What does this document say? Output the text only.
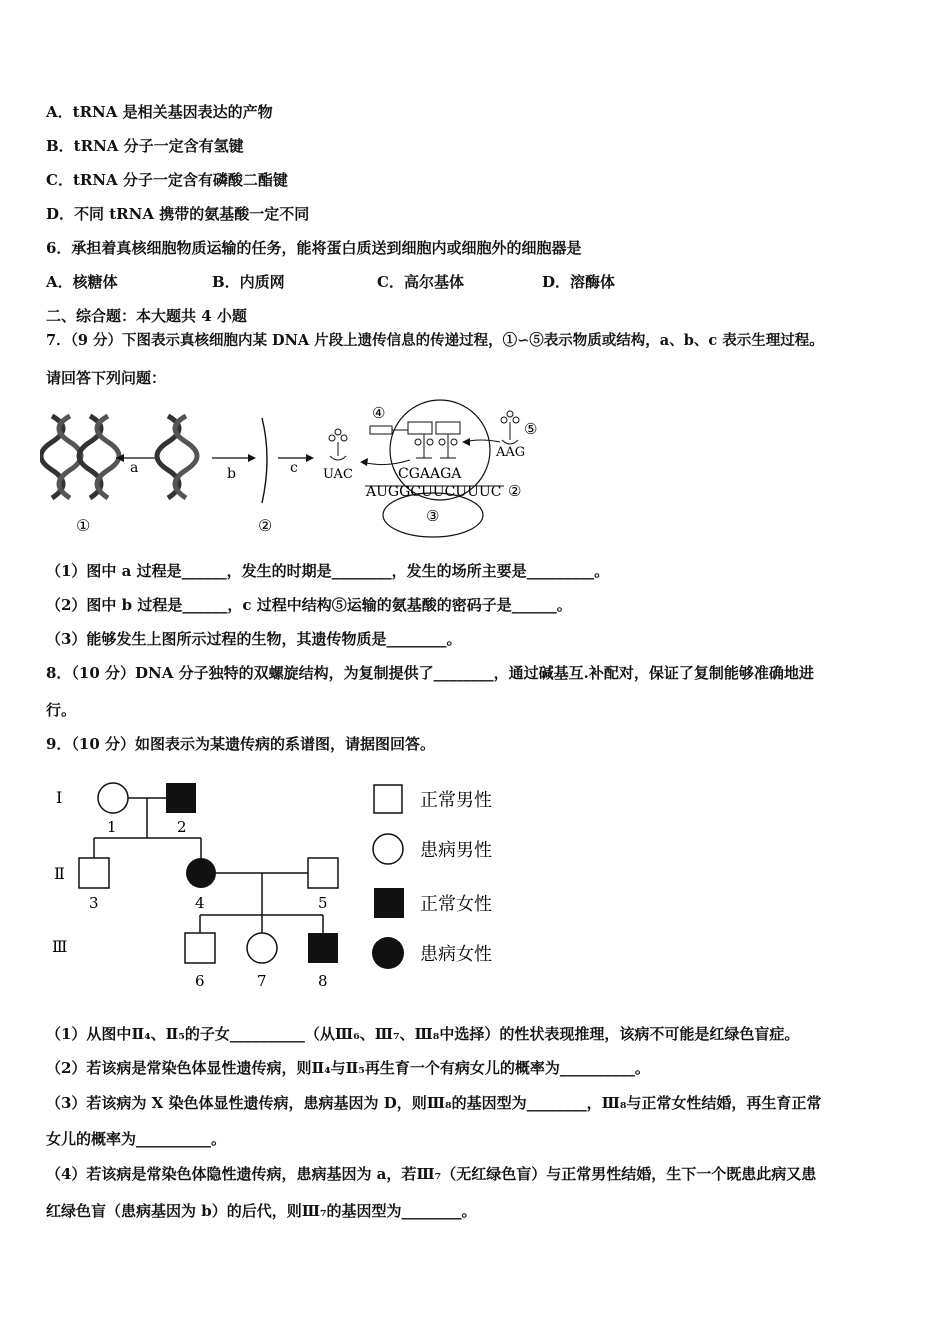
A．tRNA 是相关基因表达的产物
B．tRNA 分子一定含有氢键
C．tRNA 分子一定含有磷酸二酯键
D．不同 tRNA 携带的氨基酸一定不同
6．承担着真核细胞物质运输的任务，能将蛋白质送到细胞内或细胞外的细胞器是
A．核糖体	B．内质网	C．高尔基体	D．溶酶体
二、综合题：本大题共 4 小题
7．（9 分）下图表示真核细胞内某 DNA 片段上遗传信息的传递过程，①∽⑤表示物质或结构，a、b、c 表示生理过程。
请回答下列问题：
a	b	c
①	②
UAC
④
CGAAGA
AUGGCUUCUUUC ②
③
⑤
AAG
（1）图中 a 过程是______，发生的时期是________，发生的场所主要是_________。
（2）图中 b 过程是______，c 过程中结构⑤运输的氨基酸的密码子是______。
（3）能够发生上图所示过程的生物，其遗传物质是________。
8．（10 分）DNA 分子独特的双螺旋结构，为复制提供了________，通过碱基互.补配对，保证了复制能够准确地进
行。
9．（10 分）如图表示为某遗传病的系谱图，请据图回答。
Ⅰ
Ⅱ
Ⅲ
1	2
3	4	5
6	7	8
正常男性
患病男性
正常女性
患病女性
（1）从图中Ⅱ₄、Ⅱ₅的子女__________（从Ⅲ₆、Ⅲ₇、Ⅲ₈中选择）的性状表现推理，该病不可能是红绿色盲症。
（2）若该病是常染色体显性遗传病，则Ⅱ₄与Ⅱ₅再生育一个有病女儿的概率为__________。
（3）若该病为 X 染色体显性遗传病，患病基因为 D，则Ⅲ₈的基因型为________，Ⅲ₈与正常女性结婚，再生育正常
女儿的概率为__________。
（4）若该病是常染色体隐性遗传病，患病基因为 a，若Ⅲ₇（无红绿色盲）与正常男性结婚，生下一个既患此病又患
红绿色盲（患病基因为 b）的后代，则Ⅲ₇的基因型为________。
